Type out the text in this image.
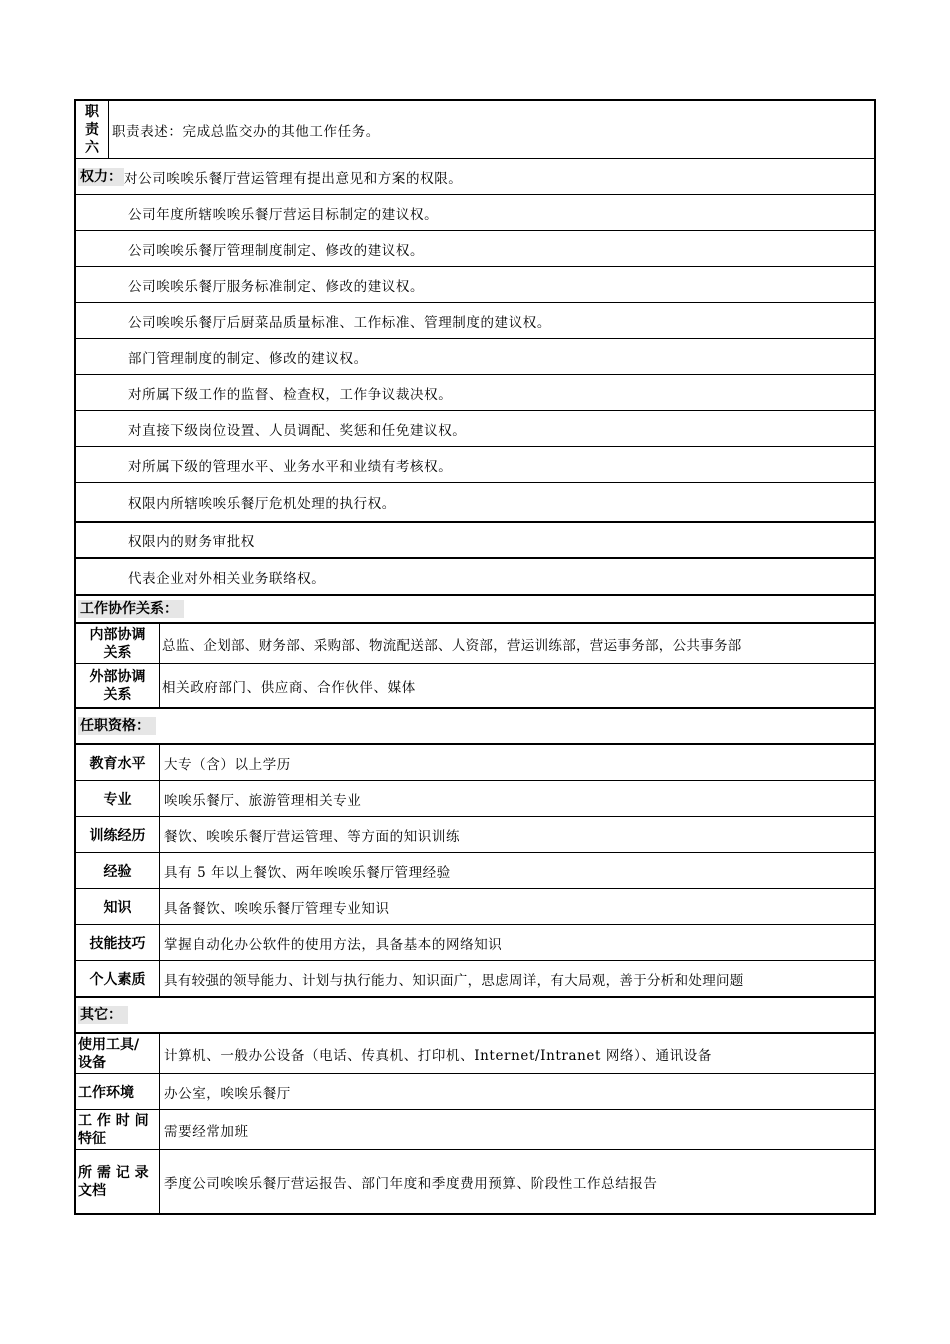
职
责
六
职责表述：完成总监交办的其他工作任务。
权力： 对公司唉唉乐餐厅营运管理有提出意见和方案的权限。
公司年度所辖唉唉乐餐厅营运目标制定的建议权。
公司唉唉乐餐厅管理制度制定、修改的建议权。
公司唉唉乐餐厅服务标准制定、修改的建议权。
公司唉唉乐餐厅后厨菜品质量标准、工作标准、管理制度的建议权。
部门管理制度的制定、修改的建议权。
对所属下级工作的监督、检查权，工作争议裁决权。
对直接下级岗位设置、人员调配、奖惩和任免建议权。
对所属下级的管理水平、业务水平和业绩有考核权。
权限内所辖唉唉乐餐厅危机处理的执行权。
权限内的财务审批权
代表企业对外相关业务联络权。
工作协作关系：
内部协调
关系 总监、企划部、财务部、采购部、物流配送部、人资部，营运训练部，营运事务部，公共事务部
外部协调
关系 相关政府部门、供应商、合作伙伴、媒体
任职资格：
教育水平	大专（含）以上学历
专业	唉唉乐餐厅、旅游管理相关专业
训练经历	餐饮、唉唉乐餐厅营运管理、等方面的知识训练
经验	具有 5 年以上餐饮、两年唉唉乐餐厅管理经验
知识	具备餐饮、唉唉乐餐厅管理专业知识
技能技巧	掌握自动化办公软件的使用方法，具备基本的网络知识
个人素质	具有较强的领导能力、计划与执行能力、知识面广，思虑周详，有大局观，善于分析和处理问题
其它：
使用工具/
设备	计算机、一般办公设备（电话、传真机、打印机、Internet/Intranet 网络）、通讯设备
工作环境	办公室，唉唉乐餐厅
工 作 时 间
特征	需要经常加班
所 需 记 录
文档	季度公司唉唉乐餐厅营运报告、部门年度和季度费用预算、阶段性工作总结报告
